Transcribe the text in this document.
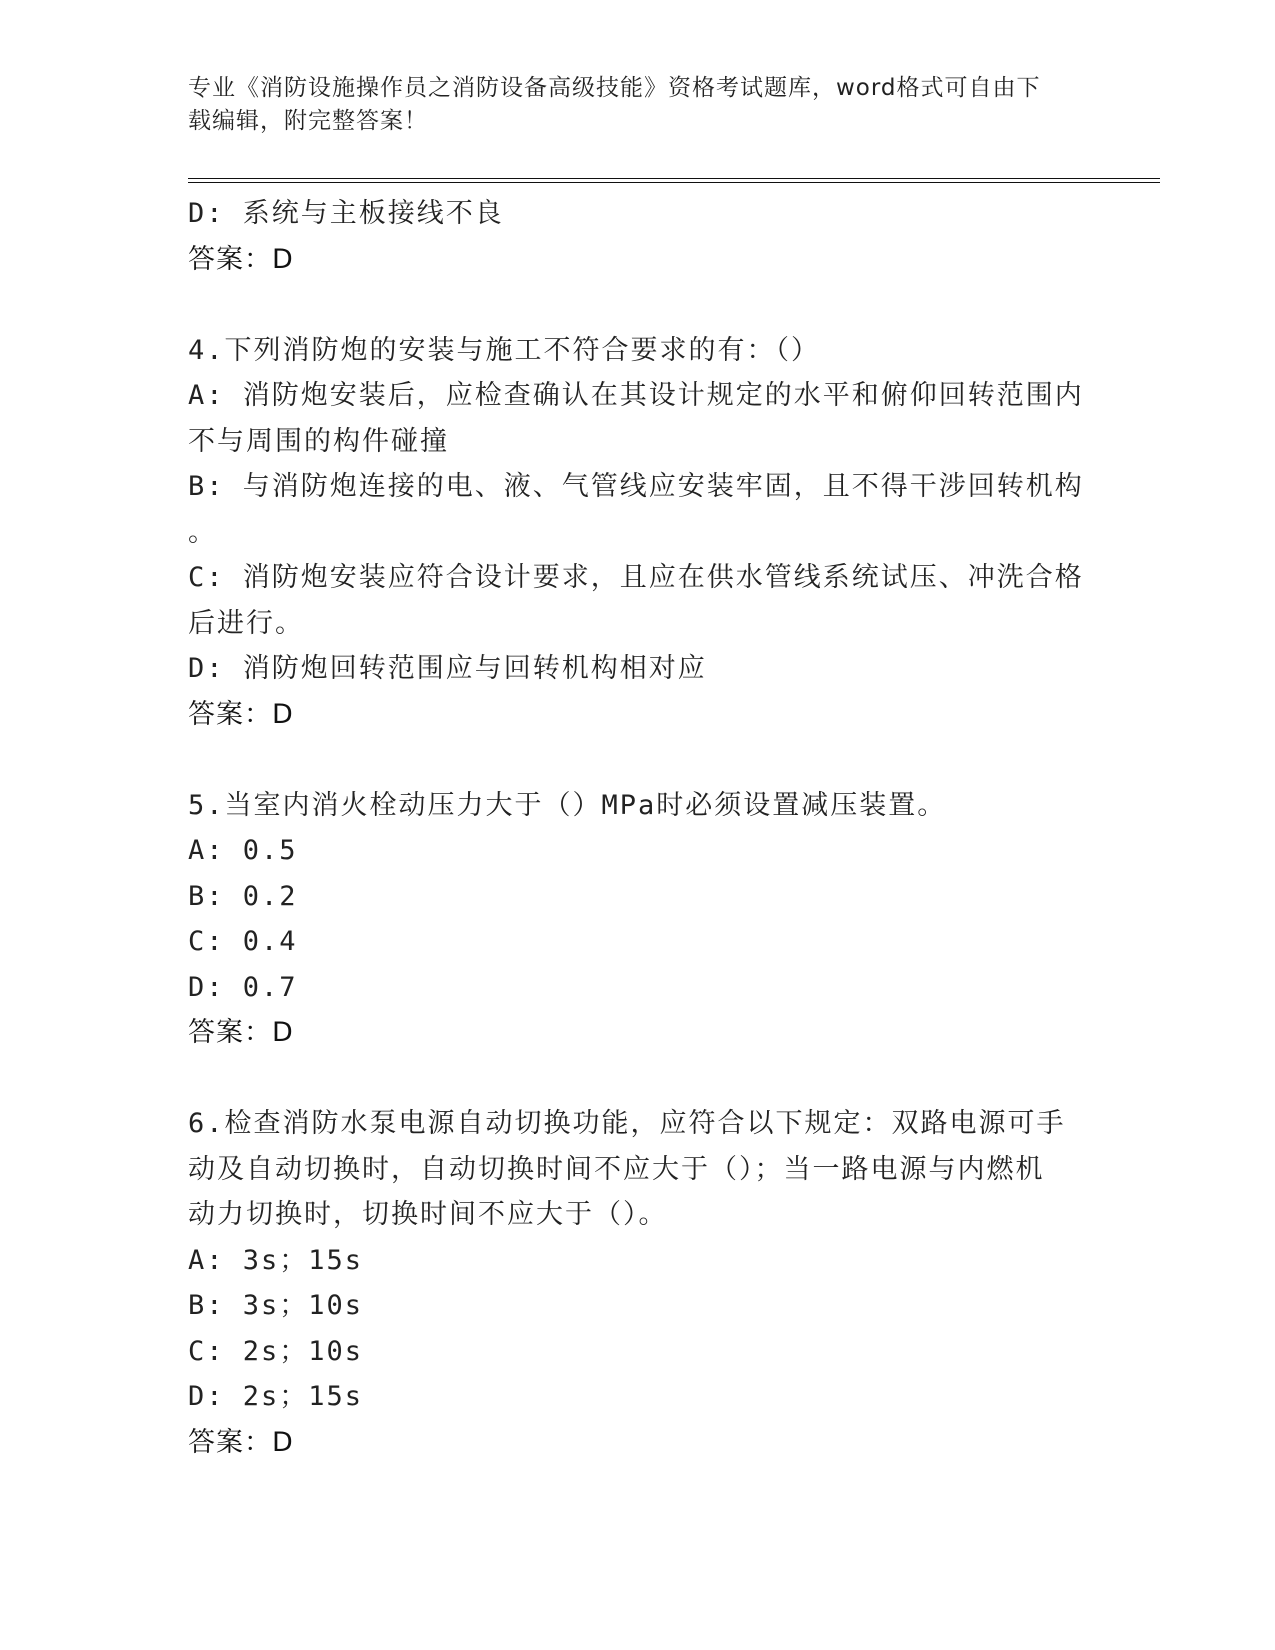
专业《消防设施操作员之消防设备高级技能》资格考试题库，word格式可自由下
载编辑，附完整答案！
D: 系统与主板接线不良
答案：D
4.下列消防炮的安装与施工不符合要求的有：（）
A: 消防炮安装后，应检查确认在其设计规定的水平和俯仰回转范围内
不与周围的构件碰撞
B: 与消防炮连接的电、液、气管线应安装牢固，且不得干涉回转机构
。
C: 消防炮安装应符合设计要求，且应在供水管线系统试压、冲洗合格
后进行。
D: 消防炮回转范围应与回转机构相对应
答案：D
5.当室内消火栓动压力大于（）MPa时必须设置减压装置。
A: 0.5
B: 0.2
C: 0.4
D: 0.7
答案：D
6.检查消防水泵电源自动切换功能，应符合以下规定：双路电源可手
动及自动切换时，自动切换时间不应大于（）；当一路电源与内燃机
动力切换时，切换时间不应大于（）。
A: 3s；15s
B: 3s；10s
C: 2s；10s
D: 2s；15s
答案：D
